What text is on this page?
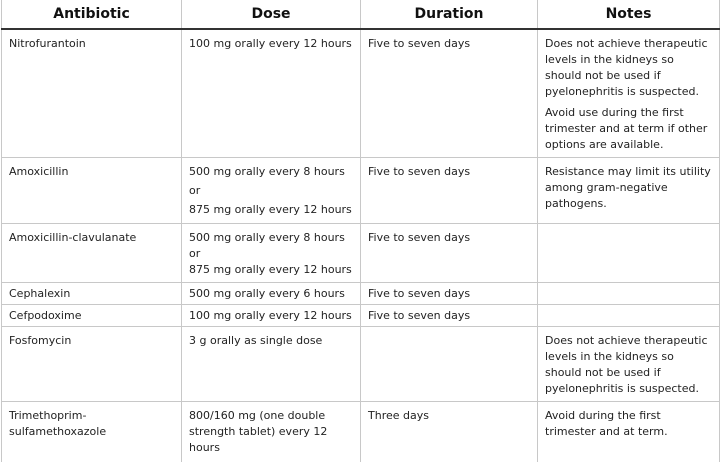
Antibiotic	Dose	Duration	Notes
Nitrofurantoin	100 mg orally every 12 hours	Five to seven days	Does not achieve therapeutic levels in the kidneys so should not be used if pyelonephritis is suspected.
Avoid use during the first trimester and at term if other options are available.

Amoxicillin	500 mg orally every 8 hours
or
875 mg orally every 12 hours	Five to seven days	Resistance may limit its utility among gram-negative pathogens.

Amoxicillin-clavulanate	500 mg orally every 8 hours
or
875 mg orally every 12 hours	Five to seven days	
Cephalexin	500 mg orally every 6 hours	Five to seven days	
Cefpodoxime	100 mg orally every 12 hours	Five to seven days	
Fosfomycin	3 g orally as single dose		Does not achieve therapeutic levels in the kidneys so should not be used if pyelonephritis is suspected.

Trimethoprim-sulfamethoxazole	800/160 mg (one double strength tablet) every 12 hours	Three days	Avoid during the first trimester and at term.
